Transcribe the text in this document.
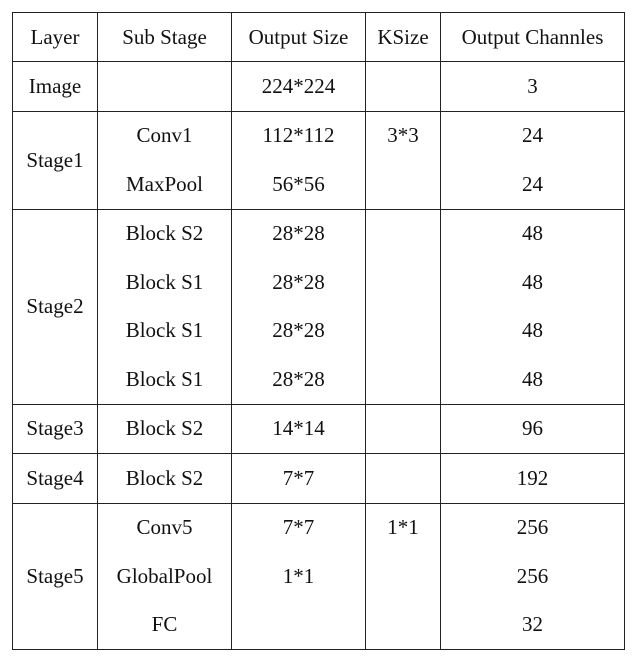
Layer	Sub Stage	Output Size	KSize	Output Channles
Image		224*224		3
Stage1	Conv1	112*112	3*3	24
	MaxPool	56*56		24
Stage2	Block S2	28*28		48
	Block S1	28*28		48
	Block S1	28*28		48
	Block S1	28*28		48
Stage3	Block S2	14*14		96
Stage4	Block S2	7*7		192
Stage5	Conv5	7*7	1*1	256
	GlobalPool	1*1		256
	FC			32
